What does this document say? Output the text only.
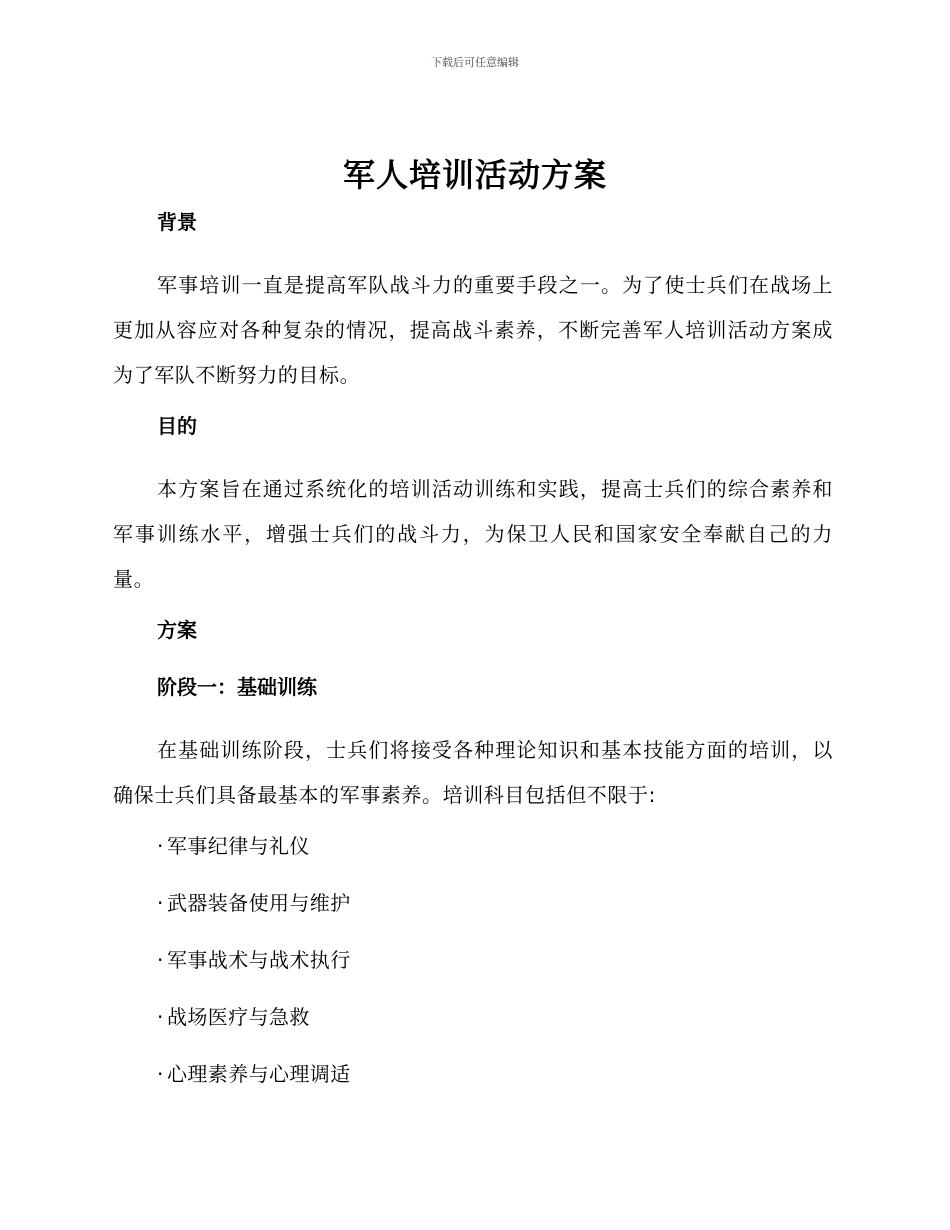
下载后可任意编辑
军人培训活动方案
背景

军事培训一直是提高军队战斗力的重要手段之一。为了使士兵们在战场上更加从容应对各种复杂的情况，提高战斗素养，不断完善军人培训活动方案成为了军队不断努力的目标。

目的

本方案旨在通过系统化的培训活动训练和实践，提高士兵们的综合素养和军事训练水平，增强士兵们的战斗力，为保卫人民和国家安全奉献自己的力量。

方案
阶段一：基础训练

在基础训练阶段，士兵们将接受各种理论知识和基本技能方面的培训，以确保士兵们具备最基本的军事素养。培训科目包括但不限于:

· 军事纪律与礼仪
· 武器装备使用与维护
· 军事战术与战术执行
· 战场医疗与急救
· 心理素养与心理调适
